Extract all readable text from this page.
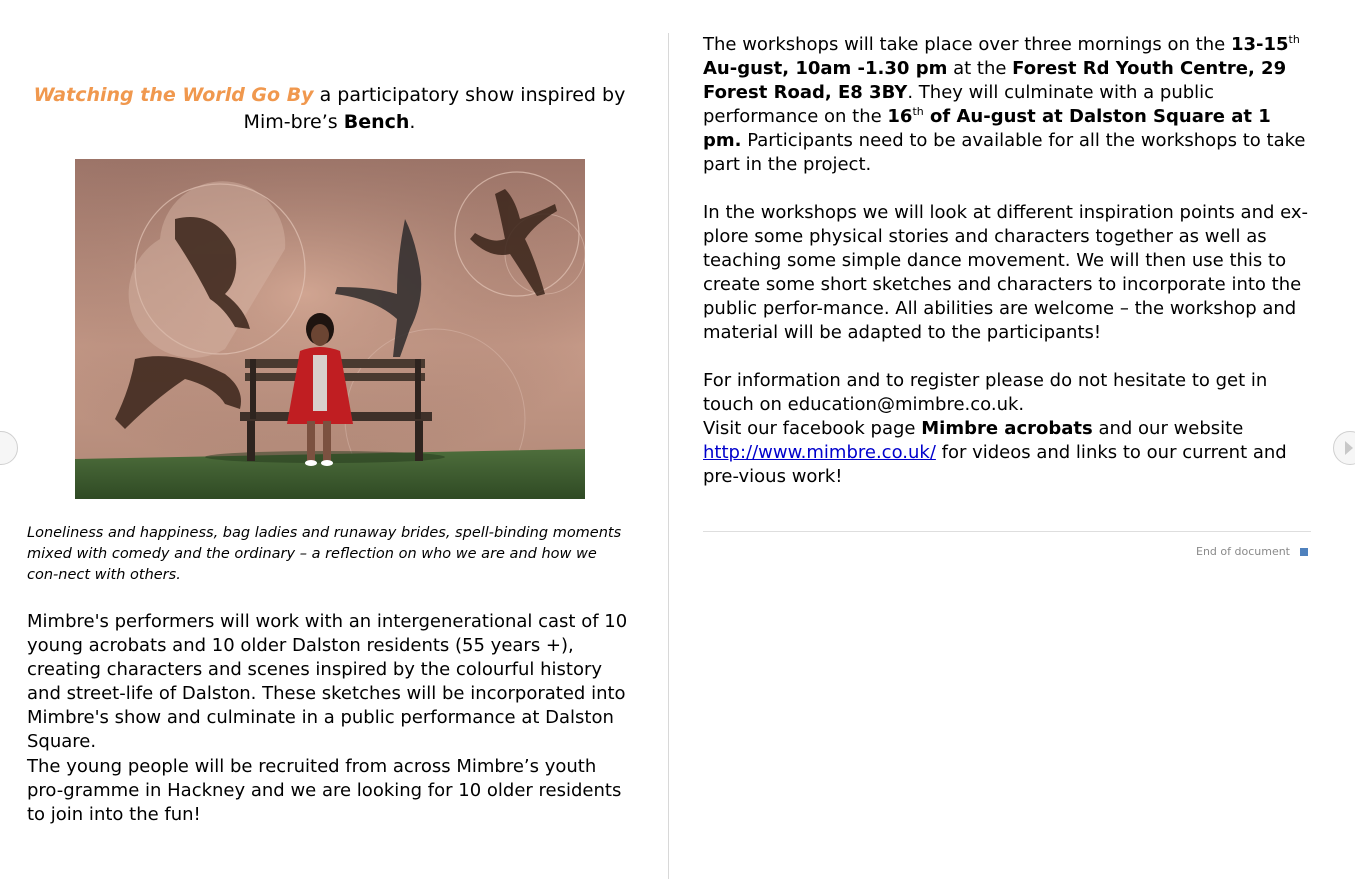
Watching the World Go By a participatory show inspired by Mim-bre’s Bench.
Loneliness and happiness, bag ladies and runaway brides, spell-binding moments mixed with comedy and the ordinary – a reflection on who we are and how we con-nect with others.
Mimbre's performers will work with an intergenerational cast of 10 young acrobats and 10 older Dalston residents (55 years +), creating characters and scenes inspired by the colourful history and street-life of Dalston. These sketches will be incorporated into Mimbre's show and culminate in a public performance at Dalston Square.
The young people will be recruited from across Mimbre’s youth pro-gramme in Hackney and we are looking for 10 older residents to join into the fun!

The workshops will take place over three mornings on the 13-15th Au-gust, 10am -1.30 pm at the Forest Rd Youth Centre, 29 Forest Road, E8 3BY. They will culminate with a public performance on the 16th of Au-gust at Dalston Square at 1 pm. Participants need to be available for all the workshops to take part in the project.

In the workshops we will look at different inspiration points and ex-plore some physical stories and characters together as well as teaching some simple dance movement. We will then use this to create some short sketches and characters to incorporate into the public perfor-mance. All abilities are welcome – the workshop and material will be adapted to the participants!

For information and to register please do not hesitate to get in touch on education@mimbre.co.uk.
Visit our facebook page Mimbre acrobats and our website
http://www.mimbre.co.uk/ for videos and links to our current and pre-vious work!

End of document
